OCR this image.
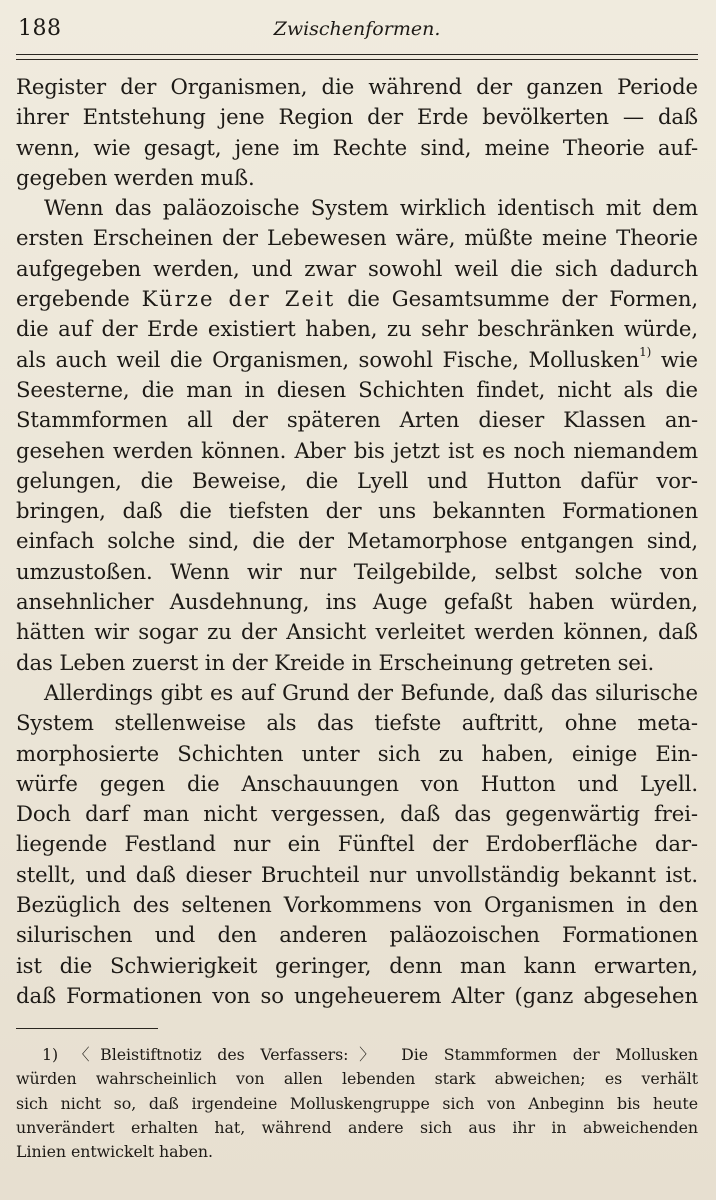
188	Zwischenformen.
Register der Organismen, die während der ganzen Periode
ihrer Entstehung jene Region der Erde bevölkerten — daß
wenn, wie gesagt, jene im Rechte sind, meine Theorie auf-
gegeben werden muß.
Wenn das paläozoische System wirklich identisch mit dem
ersten Erscheinen der Lebewesen wäre, müßte meine Theorie
aufgegeben werden, und zwar sowohl weil die sich dadurch
ergebende Kürze der Zeit die Gesamtsumme der Formen,
die auf der Erde existiert haben, zu sehr beschränken würde,
als auch weil die Organismen, sowohl Fische, Mollusken$^{1)}$ wie
Seesterne, die man in diesen Schichten findet, nicht als die
Stammformen all der späteren Arten dieser Klassen an-
gesehen werden können. Aber bis jetzt ist es noch niemandem
gelungen, die Beweise, die Lyell und Hutton dafür vor-
bringen, daß die tiefsten der uns bekannten Formationen
einfach solche sind, die der Metamorphose entgangen sind,
umzustoßen. Wenn wir nur Teilgebilde, selbst solche von
ansehnlicher Ausdehnung, ins Auge gefaßt haben würden,
hätten wir sogar zu der Ansicht verleitet werden können, daß
das Leben zuerst in der Kreide in Erscheinung getreten sei.
Allerdings gibt es auf Grund der Befunde, daß das silurische
System stellenweise als das tiefste auftritt, ohne meta-
morphosierte Schichten unter sich zu haben, einige Ein-
würfe gegen die Anschauungen von Hutton und Lyell.
Doch darf man nicht vergessen, daß das gegenwärtig frei-
liegende Festland nur ein Fünftel der Erdoberfläche dar-
stellt, und daß dieser Bruchteil nur unvollständig bekannt ist.
Bezüglich des seltenen Vorkommens von Organismen in den
silurischen und den anderen paläozoischen Formationen
ist die Schwierigkeit geringer, denn man kann erwarten,
daß Formationen von so ungeheuerem Alter (ganz abgesehen
1) 〈Bleistiftnotiz des Verfassers:〉 Die Stammformen der Mollusken
würden wahrscheinlich von allen lebenden stark abweichen; es verhält
sich nicht so, daß irgendeine Molluskengruppe sich von Anbeginn bis heute
unverändert erhalten hat, während andere sich aus ihr in abweichenden
Linien entwickelt haben.
